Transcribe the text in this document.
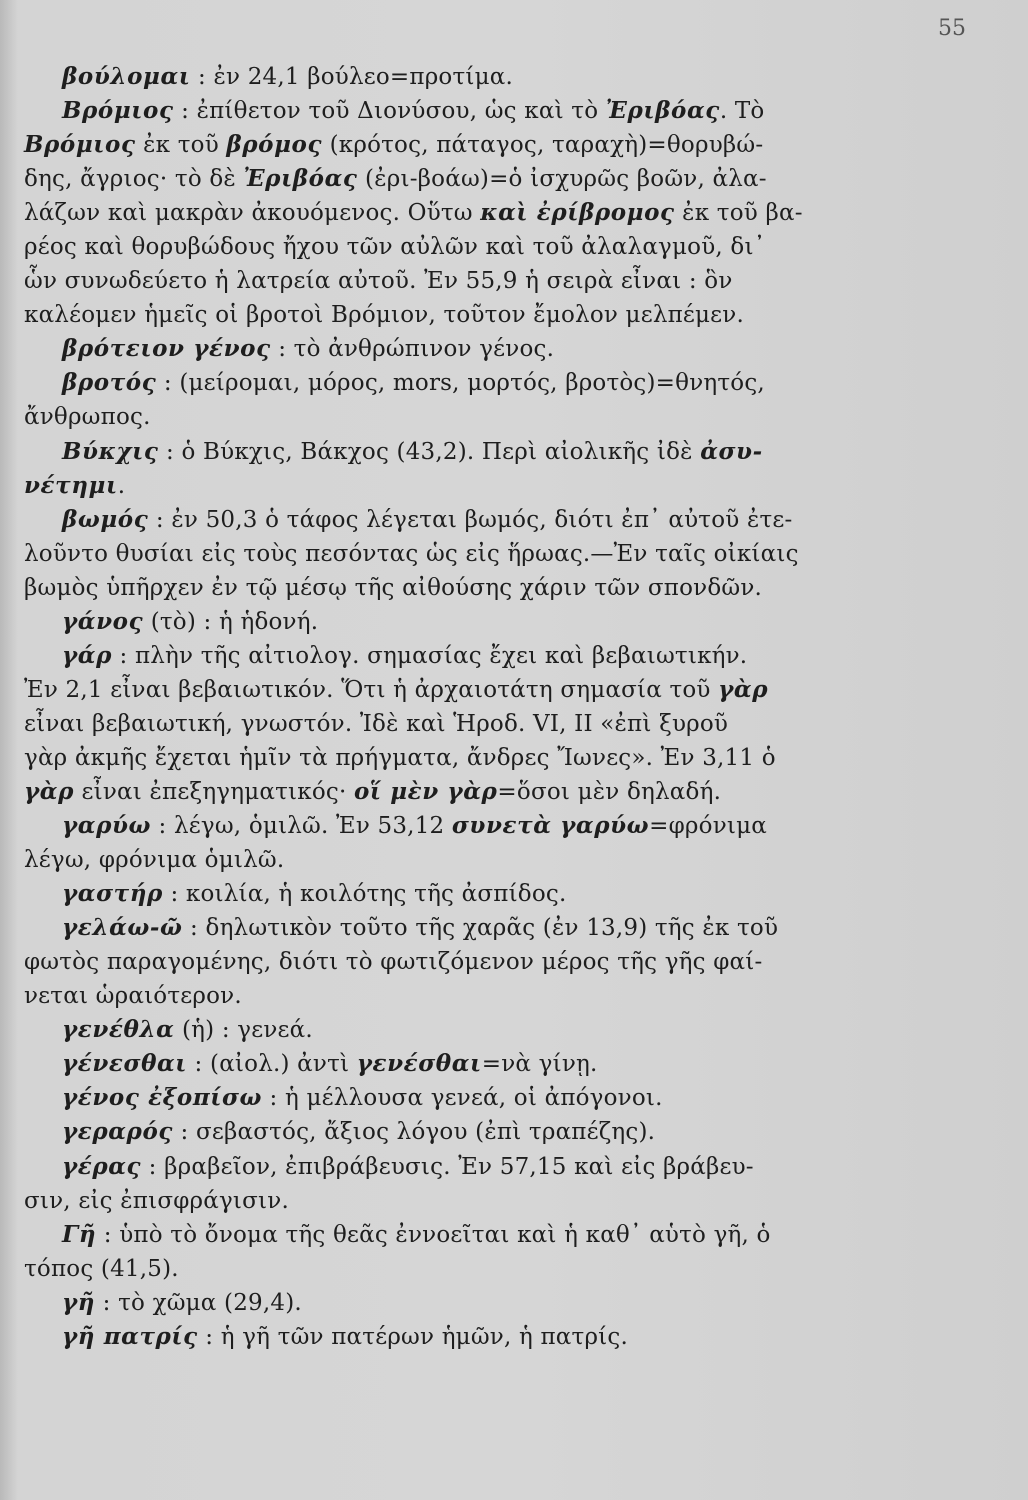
55
βούλομαι : ἐν 24,1 βούλεο=προτίμα.
Βρόμιος : ἐπίθετον τοῦ Διονύσου, ὡς καὶ τὸ Ἐριβόας. Τὸ
Βρόμιος ἐκ τοῦ βρόμος (κρότος, πάταγος, ταραχὴ)=θορυβώ-
δης, ἄγριος· τὸ δὲ Ἐριβόας (ἐρι-βοάω)=ὁ ἰσχυρῶς βοῶν, ἀλα-
λάζων καὶ μακρὰν ἀκουόμενος. Οὕτω καὶ ἐρίβρομος ἐκ τοῦ βα-
ρέος καὶ θορυβώδους ἤχου τῶν αὐλῶν καὶ τοῦ ἀλαλαγμοῦ, δι᾿
ὧν συνωδεύετο ἡ λατρεία αὐτοῦ. Ἐν 55,9 ἡ σειρὰ εἶναι : ὃν
καλέομεν ἡμεῖς οἱ βροτοὶ Βρόμιον, τοῦτον ἔμολον μελπέμεν.
βρότειον γένος : τὸ ἀνθρώπινον γένος.
βροτός : (μείρομαι, μόρος, mors, μορτός, βροτὸς)=θνητός,
ἄνθρωπος.
Βύκχις : ὁ Βύκχις, Βάκχος (43,2). Περὶ αἰολικῆς ἰδὲ ἀσυ-
νέτημι.
βωμός : ἐν 50,3 ὁ τάφος λέγεται βωμός, διότι ἐπ᾿ αὐτοῦ ἐτε-
λοῦντο θυσίαι εἰς τοὺς πεσόντας ὡς εἰς ἥρωας.—Ἐν ταῖς οἰκίαις
βωμὸς ὑπῆρχεν ἐν τῷ μέσῳ τῆς αἰθούσης χάριν τῶν σπονδῶν.
γάνος (τὸ) : ἡ ἡδονή.
γάρ : πλὴν τῆς αἰτιολογ. σημασίας ἔχει καὶ βεβαιωτικήν.
Ἐν 2,1 εἶναι βεβαιωτικόν. Ὅτι ἡ ἀρχαιοτάτη σημασία τοῦ γὰρ
εἶναι βεβαιωτική, γνωστόν. Ἰδὲ καὶ Ἡροδ. VI, II «ἐπὶ ξυροῦ
γὰρ ἀκμῆς ἔχεται ἡμῖν τὰ πρήγματα, ἄνδρες Ἴωνες». Ἐν 3,11 ὁ
γὰρ εἶναι ἐπεξηγηματικός· οἵ μὲν γὰρ=ὅσοι μὲν δηλαδή.
γαρύω : λέγω, ὁμιλῶ. Ἐν 53,12 συνετὰ γαρύω=φρόνιμα
λέγω, φρόνιμα ὁμιλῶ.
γαστήρ : κοιλία, ἡ κοιλότης τῆς ἀσπίδος.
γελάω-ῶ : δηλωτικὸν τοῦτο τῆς χαρᾶς (ἐν 13,9) τῆς ἐκ τοῦ
φωτὸς παραγομένης, διότι τὸ φωτιζόμενον μέρος τῆς γῆς φαί-
νεται ὡραιότερον.
γενέθλα (ἡ) : γενεά.
γένεσθαι : (αἰολ.) ἀντὶ γενέσθαι=νὰ γίνῃ.
γένος ἐξοπίσω : ἡ μέλλουσα γενεά, οἱ ἀπόγονοι.
γεραρός : σεβαστός, ἄξιος λόγου (ἐπὶ τραπέζης).
γέρας : βραβεῖον, ἐπιβράβευσις. Ἐν 57,15 καὶ εἰς βράβευ-
σιν, εἰς ἐπισφράγισιν.
Γῆ : ὑπὸ τὸ ὄνομα τῆς θεᾶς ἐννοεῖται καὶ ἡ καθ᾿ αὑτὸ γῆ, ὁ
τόπος (41,5).
γῆ : τὸ χῶμα (29,4).
γῆ πατρίς : ἡ γῆ τῶν πατέρων ἡμῶν, ἡ πατρίς.
